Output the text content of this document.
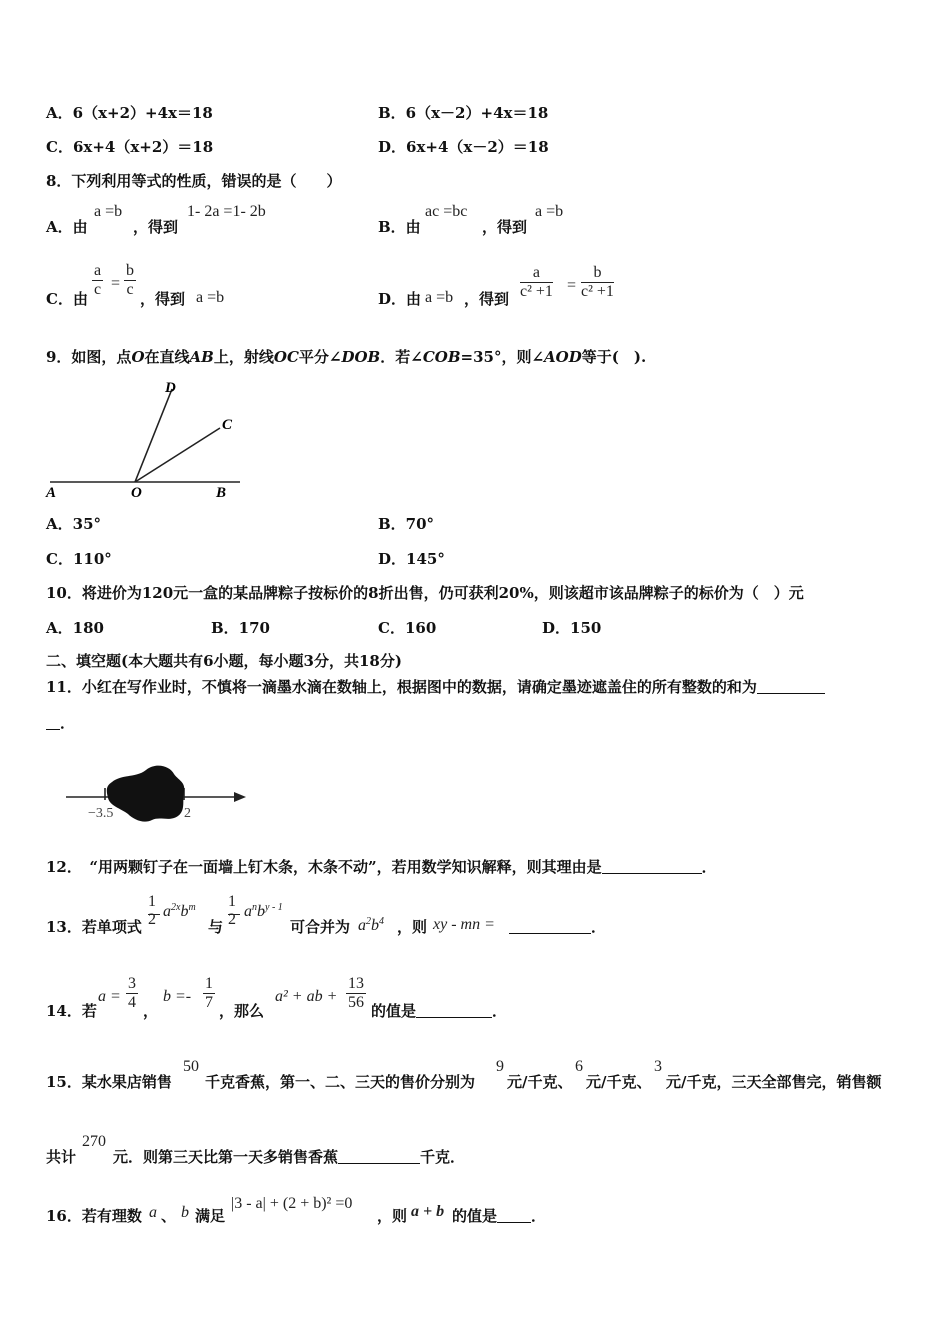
A．6（x+2）+4x＝18	B．6（x－2）+4x＝18
C．6x+4（x+2）＝18	D．6x+4（x－2）＝18
8．下列利用等式的性质，错误的是（　　）
A．由
a =b
，得到
1- 2a =1- 2b
B．由
ac =bc
，得到
a =b
C．由 $\frac{a}{c} = \frac{b}{c}$ ，得到 a =b	D．由 a =b ，得到 $\frac{a}{\text{c² +1}} = \frac{b}{\text{c² +1}}$
9．如图，点O在直线AB上，射线OC平分∠DOB．若∠COB=35°，则∠AOD等于(　).
D
C
A	O	B
A．35°	B．70°
C．110°	D．145°
10．将进价为120元一盒的某品牌粽子按标价的8折出售，仍可获利20%，则该超市该品牌粽子的标价为（　）元
A．180	B．170	C．160	D．150
二、填空题(本大题共有6小题，每小题3分，共18分)
11．小红在写作业时，不慎将一滴墨水滴在数轴上，根据图中的数据，请确定墨迹遮盖住的所有整数的和为
．
−3.5	2
12．　“用两颗钉子在一面墙上钉木条，木条不动”，若用数学知识解释，则其理由是	．
13．若单项式
1
2 $a^{2x}b^m$
与
1
2 $a^nb^{y - 1}$
可合并为 $a^2b^4$ ，则 xy - mn =	．
14．若
$a = \frac{3}{4}$ ，
$b =- \frac{1}{7}$ ，那么
a² + ab + $\frac{13}{56}$ 的值是	．
15．某水果店销售
50
千克香蕉，第一、二、三天的售价分别为
9
元/千克、
6
元/千克、
3
元/千克，三天全部售完，销售额
共计
270
元．则第三天比第一天多销售香蕉	千克．
16．若有理数 a 、 b 满足
|3 - a| + (2 + b)² =0
，则 a + b 的值是 ．
